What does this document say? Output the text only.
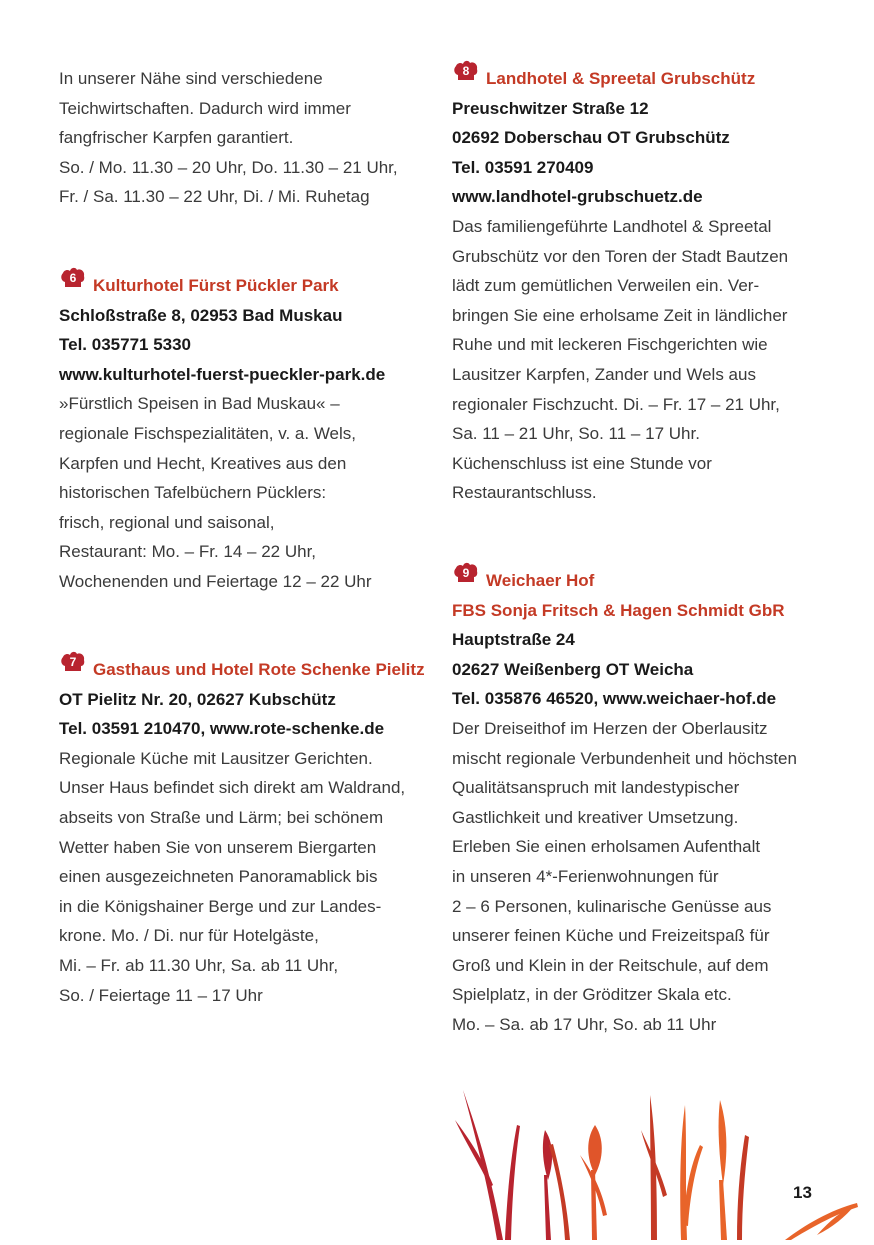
In unserer Nähe sind verschiedene
Teichwirtschaften. Dadurch wird immer
fangfrischer Karpfen garantiert.
So. / Mo. 11.30 – 20 Uhr, Do. 11.30 – 21 Uhr,
Fr. / Sa. 11.30 – 22 Uhr, Di. / Mi. Ruhetag
6 Kulturhotel Fürst Pückler Park
Schloßstraße 8, 02953 Bad Muskau
Tel. 035771 5330
www.kulturhotel-fuerst-pueckler-park.de
»Fürstlich Speisen in Bad Muskau« –
regionale Fischspezialitäten, v. a. Wels,
Karpfen und Hecht, Kreatives aus den
historischen Tafelbüchern Pücklers:
frisch, regional und saisonal,
Restaurant: Mo. – Fr. 14 – 22 Uhr,
Wochenenden und Feiertage 12 – 22 Uhr
7 Gasthaus und Hotel Rote Schenke Pielitz
OT Pielitz Nr. 20, 02627 Kubschütz
Tel. 03591 210470, www.rote-schenke.de
Regionale Küche mit Lausitzer Gerichten.
Unser Haus befindet sich direkt am Waldrand,
abseits von Straße und Lärm; bei schönem
Wetter haben Sie von unserem Biergarten
einen ausgezeichneten Panoramablick bis
in die Königshainer Berge und zur Landes-
krone. Mo. / Di. nur für Hotelgäste,
Mi. – Fr. ab 11.30 Uhr, Sa. ab 11 Uhr,
So. / Feiertage 11 – 17 Uhr
8 Landhotel & Spreetal Grubschütz
Preuschwitzer Straße 12
02692 Doberschau OT Grubschütz
Tel. 03591 270409
www.landhotel-grubschuetz.de
Das familiengeführte Landhotel & Spreetal
Grubschütz vor den Toren der Stadt Bautzen
lädt zum gemütlichen Verweilen ein. Ver-
bringen Sie eine erholsame Zeit in ländlicher
Ruhe und mit leckeren Fischgerichten wie
Lausitzer Karpfen, Zander und Wels aus
regionaler Fischzucht. Di. – Fr. 17 – 21 Uhr,
Sa. 11 – 21 Uhr, So. 11 – 17 Uhr.
Küchenschluss ist eine Stunde vor
Restaurantschluss.
9 Weichaer Hof
FBS Sonja Fritsch & Hagen Schmidt GbR
Hauptstraße 24
02627 Weißenberg OT Weicha
Tel. 035876 46520, www.weichaer-hof.de
Der Dreiseithof im Herzen der Oberlausitz
mischt regionale Verbundenheit und höchsten
Qualitätsanspruch mit landestypischer
Gastlichkeit und kreativer Umsetzung.
Erleben Sie einen erholsamen Aufenthalt
in unseren 4*-Ferienwohnungen für
2 – 6 Personen, kulinarische Genüsse aus
unserer feinen Küche und Freizeitspaß für
Groß und Klein in der Reitschule, auf dem
Spielplatz, in der Gröditzer Skala etc.
Mo. – Sa. ab 17 Uhr, So. ab 11 Uhr
13
